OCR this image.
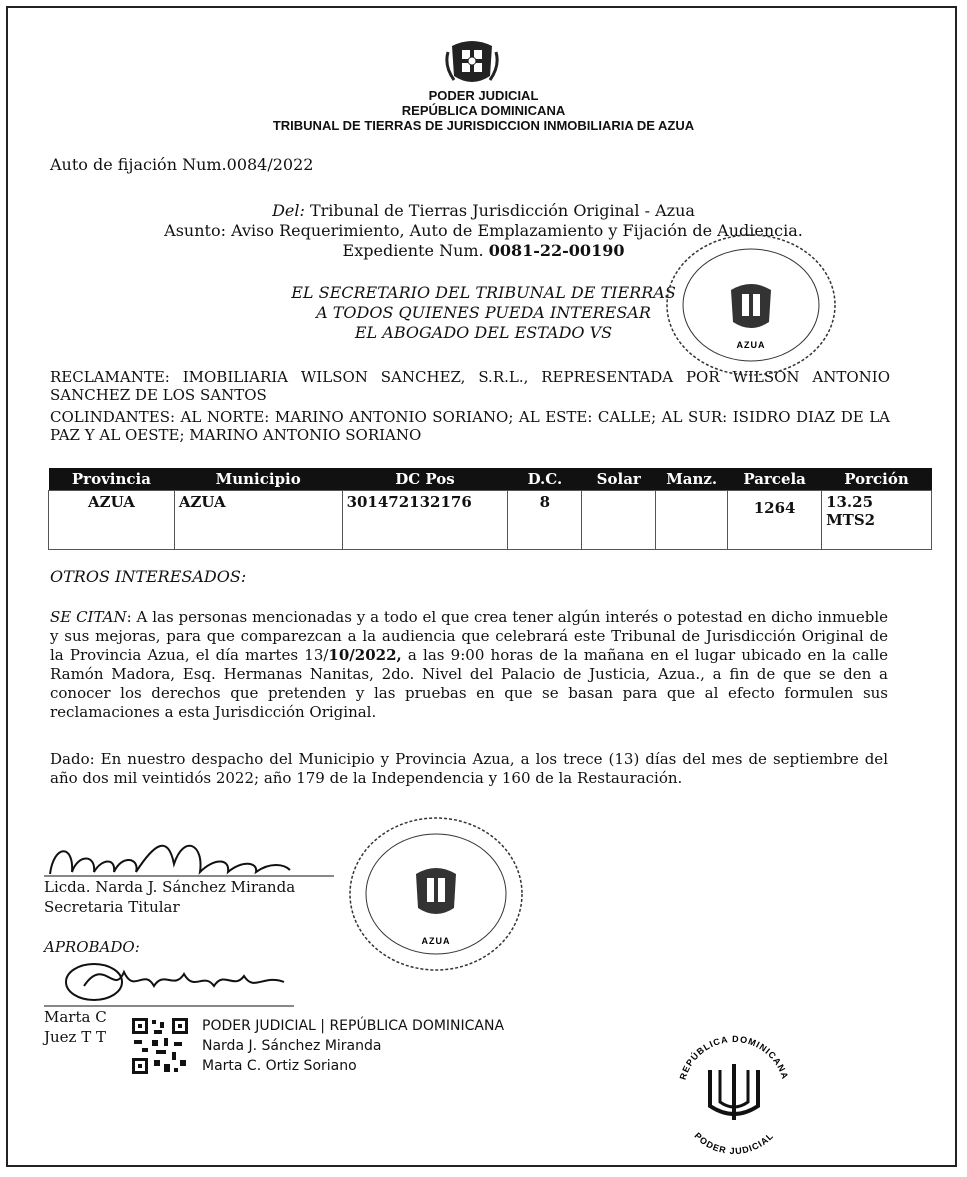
PODER JUDICIAL
REPÚBLICA DOMINICANA
TRIBUNAL DE TIERRAS DE JURISDICCION INMOBILIARIA DE AZUA
Auto de fijación Num.0084/2022
Del: Tribunal de Tierras Jurisdicción Original - Azua
Asunto: Aviso Requerimiento, Auto de Emplazamiento y Fijación de Audiencia.
Expediente Num. 0081-22-00190
EL SECRETARIO DEL TRIBUNAL DE TIERRAS
A TODOS QUIENES PUEDA INTERESAR
EL ABOGADO DEL ESTADO VS
RECLAMANTE: IMOBILIARIA WILSON SANCHEZ, S.R.L., REPRESENTADA POR WILSON ANTONIO SANCHEZ DE LOS SANTOS
COLINDANTES: AL NORTE: MARINO ANTONIO SORIANO; AL ESTE: CALLE; AL SUR: ISIDRO DIAZ DE LA PAZ Y AL OESTE; MARINO ANTONIO SORIANO
AZUA
Provincia	Municipio	DC Pos	D.C.	Solar	Manz.	Parcela	Porción
AZUA	AZUA	301472132176	8			1264	13.25 MTS2
OTROS INTERESADOS:
SE CITAN: A las personas mencionadas y a todo el que crea tener algún interés o potestad en dicho inmueble y sus mejoras, para que comparezcan a la audiencia que celebrará este Tribunal de Jurisdicción Original de la Provincia Azua, el día martes 13/10/2022, a las 9:00 horas de la mañana en el lugar ubicado en la calle Ramón Madora, Esq. Hermanas Nanitas, 2do. Nivel del Palacio de Justicia, Azua., a fin de que se den a conocer los derechos que pretenden y las pruebas en que se basan para que al efecto formulen sus reclamaciones a esta Jurisdicción Original.
Dado: En nuestro despacho del Municipio y Provincia Azua, a los trece (13) días del mes de septiembre del año dos mil veintidós 2022; año 179 de la Independencia y 160 de la Restauración.
Licda. Narda J. Sánchez Miranda
Secretaria Titular
AZUA
APROBADO:
Marta C
Juez T T
PODER JUDICIAL | REPÚBLICA DOMINICANA
Narda J. Sánchez Miranda
Marta C. Ortiz Soriano
REPÚBLICA DOMINICANA
PODER JUDICIAL
